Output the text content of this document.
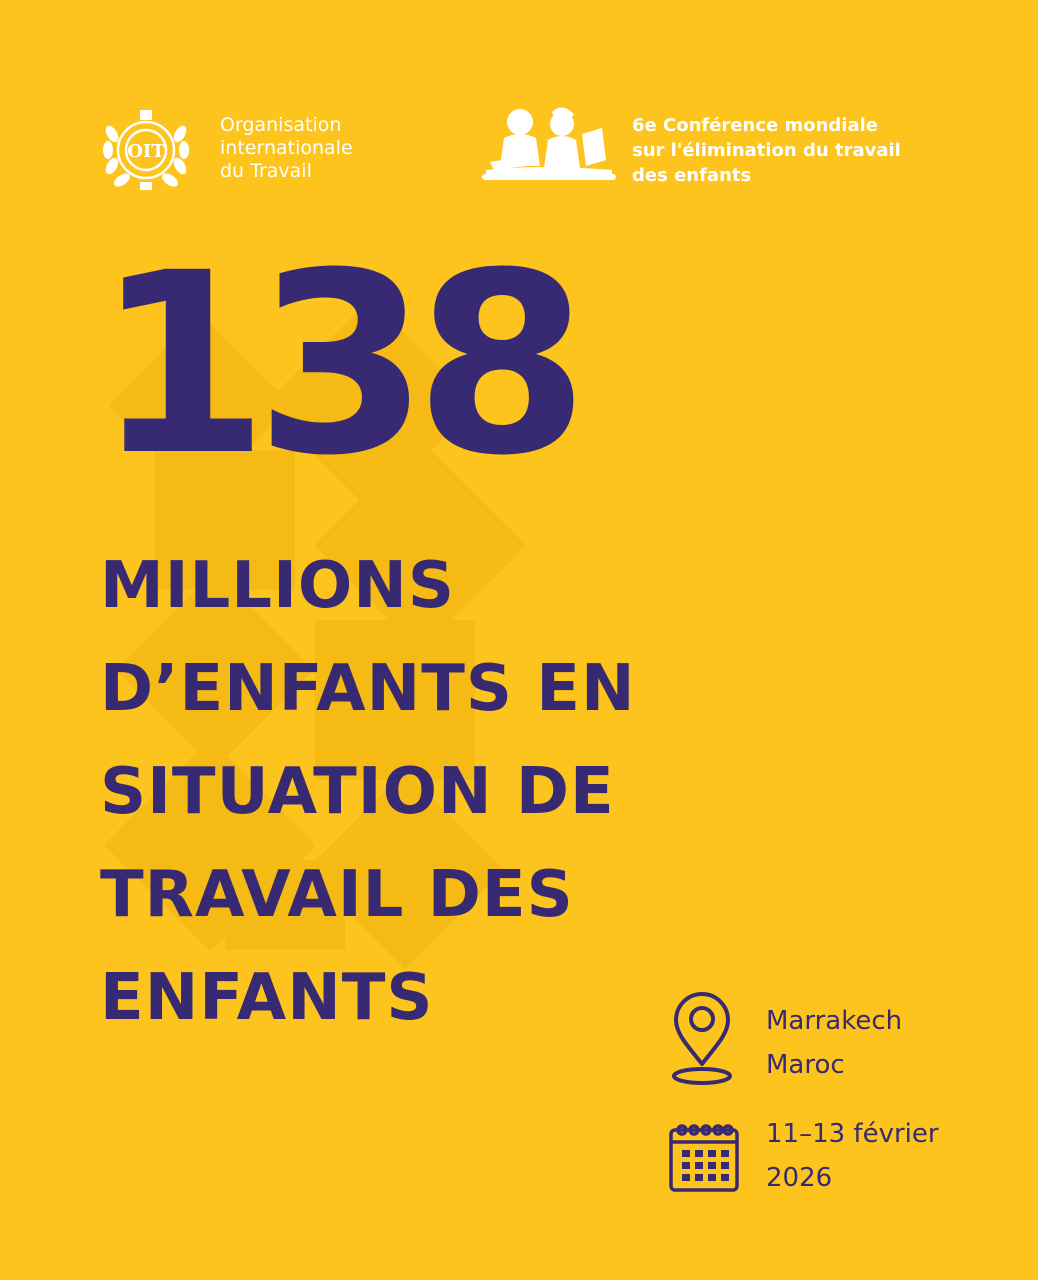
OIT
Organisation
internationale
du Travail
6e Conférence mondiale
sur l'élimination du travail
des enfants
138
MILLIONS
D’ENFANTS EN
SITUATION DE
TRAVAIL DES
ENFANTS	Marrakech
Maroc
11–13 février
2026
